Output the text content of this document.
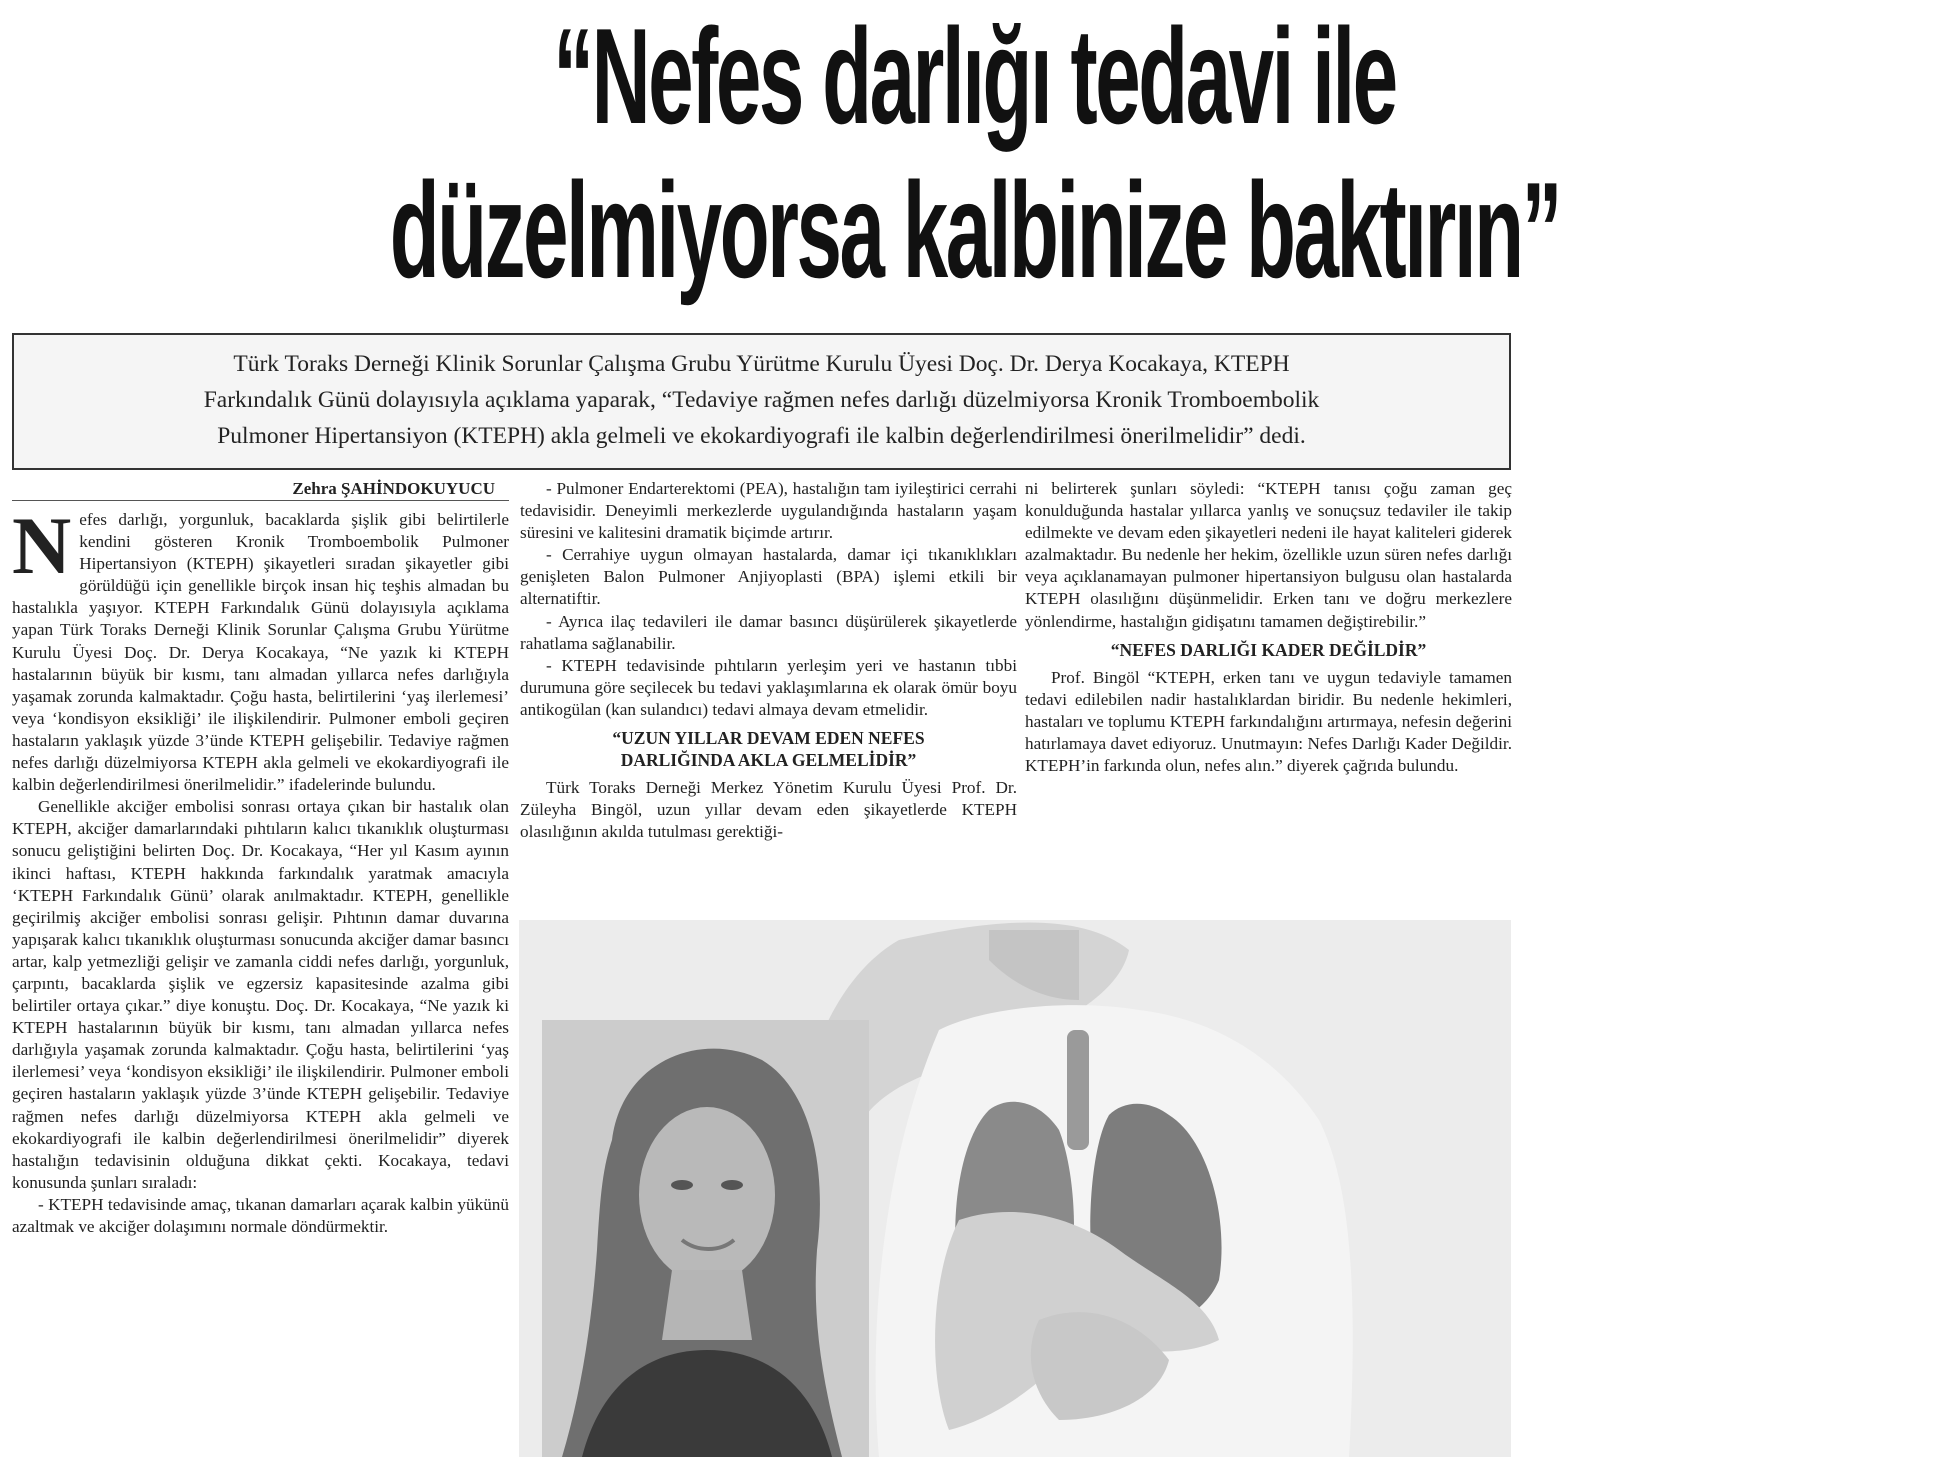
“Nefes darlığı tedavi ile
düzelmiyorsa kalbinize baktırın”

Türk Toraks Derneği Klinik Sorunlar Çalışma Grubu Yürütme Kurulu Üyesi Doç. Dr. Derya Kocakaya, KTEPH

Farkındalık Günü dolayısıyla açıklama yaparak, “Tedaviye rağmen nefes darlığı düzelmiyorsa Kronik Tromboembolik

Pulmoner Hipertansiyon (KTEPH) akla gelmeli ve ekokardiyografi ile kalbin değerlendirilmesi önerilmelidir” dedi.

Zehra ŞAHİNDOKUYUCU

Nefes darlığı, yorgunluk, bacaklarda şişlik gibi belirtilerle kendini gösteren Kronik Tromboembolik Pulmoner Hipertansiyon (KTEPH) şikayetleri sıradan şikayetler gibi görüldüğü için genellikle birçok insan hiç teşhis almadan bu hastalıkla yaşıyor. KTEPH Farkındalık Günü dolayısıyla açıklama yapan Türk Toraks Derneği Klinik Sorunlar Çalışma Grubu Yürütme Kurulu Üyesi Doç. Dr. Derya Kocakaya, “Ne yazık ki KTEPH hastalarının büyük bir kısmı, tanı almadan yıllarca nefes darlığıyla yaşamak zorunda kalmaktadır. Çoğu hasta, belirtilerini ‘yaş ilerlemesi’ veya ‘kondisyon eksikliği’ ile ilişkilendirir. Pulmoner emboli geçiren hastaların yaklaşık yüzde 3’ünde KTEPH gelişebilir. Tedaviye rağmen nefes darlığı düzelmiyorsa KTEPH akla gelmeli ve ekokardiyografi ile kalbin değerlendirilmesi önerilmelidir.” ifadelerinde bulundu.

Genellikle akciğer embolisi sonrası ortaya çıkan bir hastalık olan KTEPH, akciğer damarlarındaki pıhtıların kalıcı tıkanıklık oluşturması sonucu geliştiğini belirten Doç. Dr. Kocakaya, “Her yıl Kasım ayının ikinci haftası, KTEPH hakkında farkındalık yaratmak amacıyla ‘KTEPH Farkındalık Günü’ olarak anılmaktadır. KTEPH, genellikle geçirilmiş akciğer embolisi sonrası gelişir. Pıhtının damar duvarına yapışarak kalıcı tıkanıklık oluşturması sonucunda akciğer damar basıncı artar, kalp yetmezliği gelişir ve zamanla ciddi nefes darlığı, yorgunluk, çarpıntı, bacaklarda şişlik ve egzersiz kapasitesinde azalma gibi belirtiler ortaya çıkar.” diye konuştu. Doç. Dr. Kocakaya, “Ne yazık ki KTEPH hastalarının büyük bir kısmı, tanı almadan yıllarca nefes darlığıyla yaşamak zorunda kalmaktadır. Çoğu hasta, belirtilerini ‘yaş ilerlemesi’ veya ‘kondisyon eksikliği’ ile ilişkilendirir. Pulmoner emboli geçiren hastaların yaklaşık yüzde 3’ünde KTEPH gelişebilir. Tedaviye rağmen nefes darlığı düzelmiyorsa KTEPH akla gelmeli ve ekokardiyografi ile kalbin değerlendirilmesi önerilmelidir” diyerek hastalığın tedavisinin olduğuna dikkat çekti. Kocakaya, tedavi konusunda şunları sıraladı:

- KTEPH tedavisinde amaç, tıkanan damarları açarak kalbin yükünü azaltmak ve akciğer dolaşımını normale döndürmektir.

- Pulmoner Endarterektomi (PEA), hastalığın tam iyileştirici cerrahi tedavisidir. Deneyimli merkezlerde uygulandığında hastaların yaşam süresini ve kalitesini dramatik biçimde artırır.

- Cerrahiye uygun olmayan hastalarda, damar içi tıkanıklıkları genişleten Balon Pulmoner Anjiyoplasti (BPA) işlemi etkili bir alternatiftir.

- Ayrıca ilaç tedavileri ile damar basıncı düşürülerek şikayetlerde rahatlama sağlanabilir.

- KTEPH tedavisinde pıhtıların yerleşim yeri ve hastanın tıbbi durumuna göre seçilecek bu tedavi yaklaşımlarına ek olarak ömür boyu antikogülan (kan sulandıcı) tedavi almaya devam etmelidir.

“UZUN YILLAR DEVAM EDEN NEFES
DARLIĞINDA AKLA GELMELİDİR”

Türk Toraks Derneği Merkez Yönetim Kurulu Üyesi Prof. Dr. Züleyha Bingöl, uzun yıllar devam eden şikayetlerde KTEPH olasılığının akılda tutulması gerektiği-

ni belirterek şunları söyledi: “KTEPH tanısı çoğu zaman geç konulduğunda hastalar yıllarca yanlış ve sonuçsuz tedaviler ile takip edilmekte ve devam eden şikayetleri nedeni ile hayat kaliteleri giderek azalmaktadır. Bu nedenle her hekim, özellikle uzun süren nefes darlığı veya açıklanamayan pulmoner hipertansiyon bulgusu olan hastalarda KTEPH olasılığını düşünmelidir. Erken tanı ve doğru merkezlere yönlendirme, hastalığın gidişatını tamamen değiştirebilir.”

“NEFES DARLIĞI KADER DEĞİLDİR”

Prof. Bingöl “KTEPH, erken tanı ve uygun tedaviyle tamamen tedavi edilebilen nadir hastalıklardan biridir. Bu nedenle hekimleri, hastaları ve toplumu KTEPH farkındalığını artırmaya, nefesin değerini hatırlamaya davet ediyoruz. Unutmayın: Nefes Darlığı Kader Değildir. KTEPH’in farkında olun, nefes alın.” diyerek çağrıda bulundu.
